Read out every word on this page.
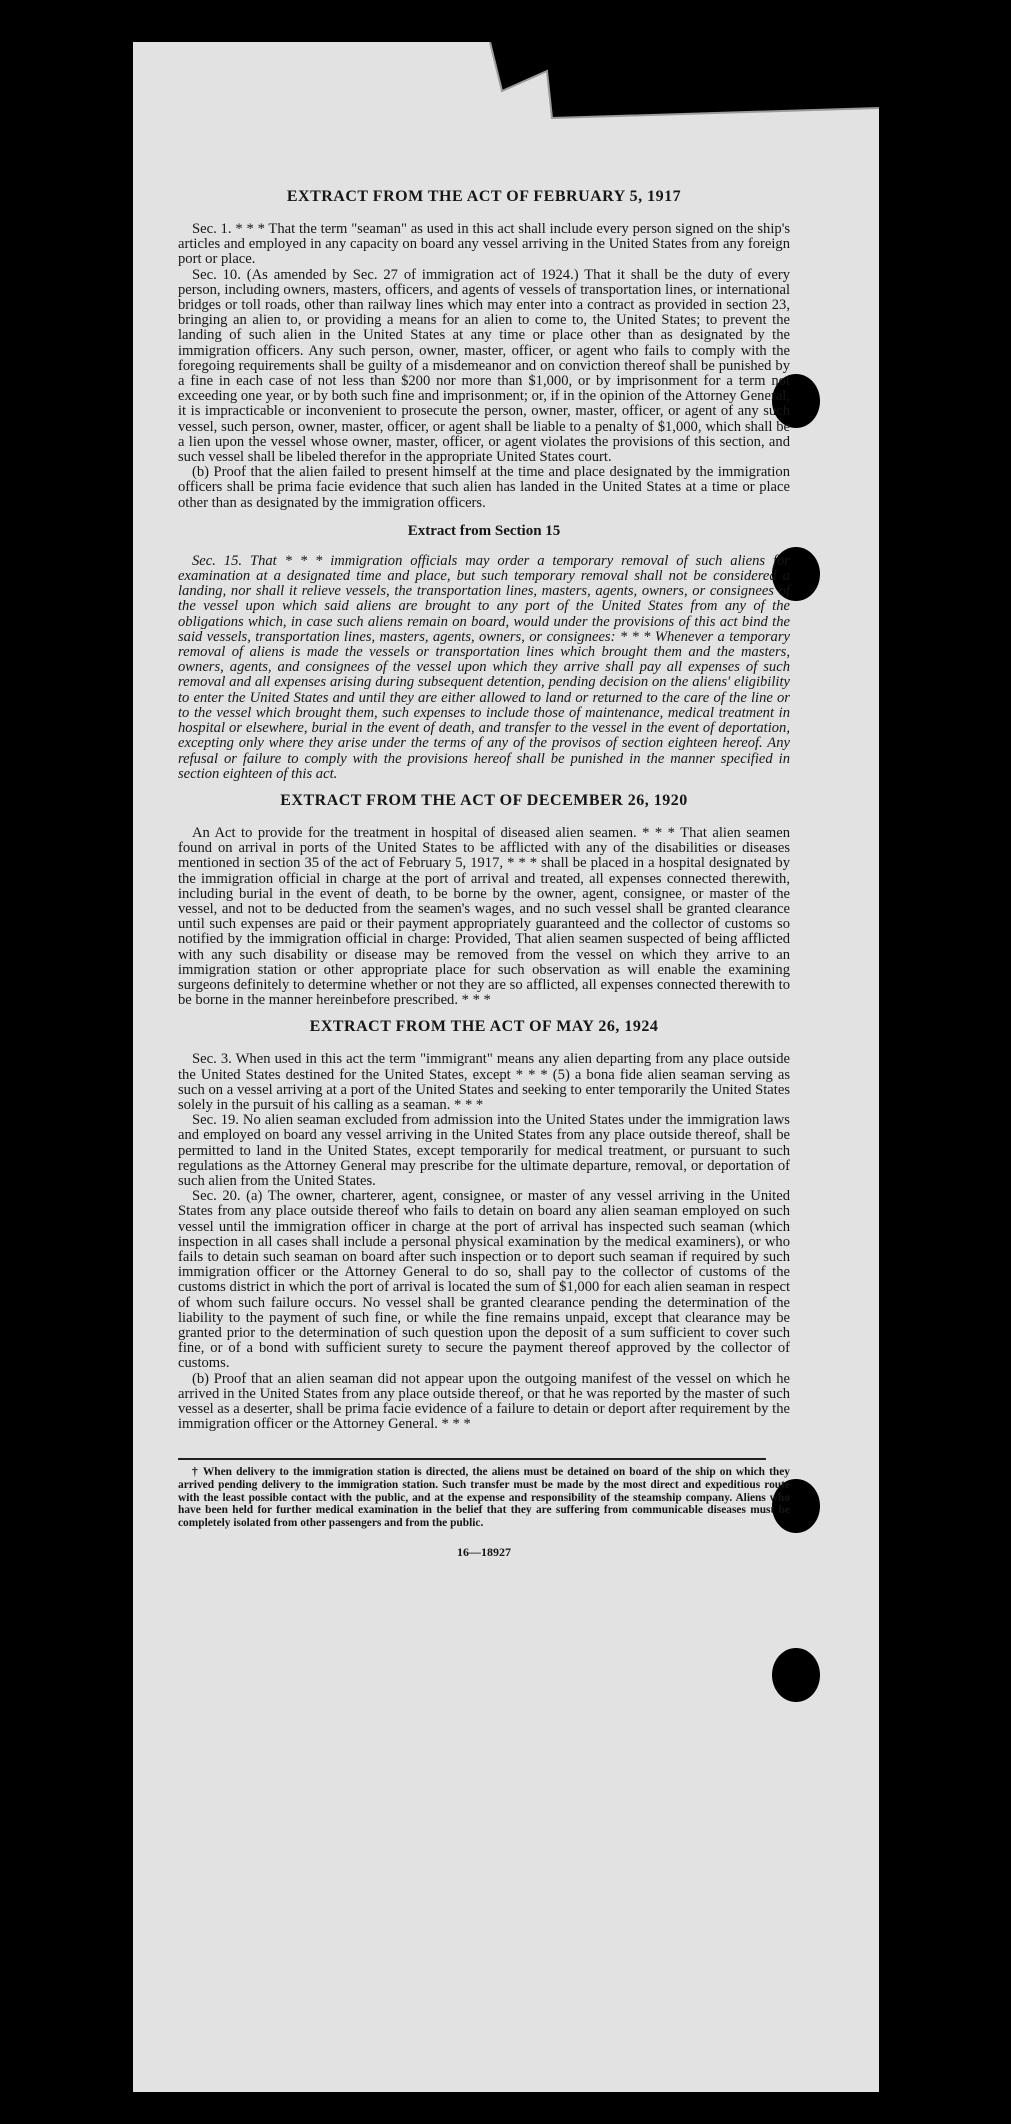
EXTRACT FROM THE ACT OF FEBRUARY 5, 1917

Sec. 1. * * * That the term "seaman" as used in this act shall include every person signed on the ship's articles and employed in any capacity on board any vessel arriving in the United States from any foreign port or place.

Sec. 10. (As amended by Sec. 27 of immigration act of 1924.) That it shall be the duty of every person, including owners, masters, officers, and agents of vessels of transportation lines, or international bridges or toll roads, other than railway lines which may enter into a contract as provided in section 23, bringing an alien to, or providing a means for an alien to come to, the United States; to prevent the landing of such alien in the United States at any time or place other than as designated by the immigration officers. Any such person, owner, master, officer, or agent who fails to comply with the foregoing requirements shall be guilty of a misdemeanor and on conviction thereof shall be punished by a fine in each case of not less than $200 nor more than $1,000, or by imprisonment for a term not exceeding one year, or by both such fine and imprisonment; or, if in the opinion of the Attorney General, it is impracticable or inconvenient to prosecute the person, owner, master, officer, or agent of any such vessel, such person, owner, master, officer, or agent shall be liable to a penalty of $1,000, which shall be a lien upon the vessel whose owner, master, officer, or agent violates the provisions of this section, and such vessel shall be libeled therefor in the appropriate United States court.

(b) Proof that the alien failed to present himself at the time and place designated by the immigration officers shall be prima facie evidence that such alien has landed in the United States at a time or place other than as designated by the immigration officers.

Extract from Section 15

Sec. 15. That * * * immigration officials may order a temporary removal of such aliens for examination at a designated time and place, but such temporary removal shall not be considered a landing, nor shall it relieve vessels, the transportation lines, masters, agents, owners, or consignees of the vessel upon which said aliens are brought to any port of the United States from any of the obligations which, in case such aliens remain on board, would under the provisions of this act bind the said vessels, transportation lines, masters, agents, owners, or consignees: * * * Whenever a temporary removal of aliens is made the vessels or transportation lines which brought them and the masters, owners, agents, and consignees of the vessel upon which they arrive shall pay all expenses of such removal and all expenses arising during subsequent detention, pending decision on the aliens' eligibility to enter the United States and until they are either allowed to land or returned to the care of the line or to the vessel which brought them, such expenses to include those of maintenance, medical treatment in hospital or elsewhere, burial in the event of death, and transfer to the vessel in the event of deportation, excepting only where they arise under the terms of any of the provisos of section eighteen hereof. Any refusal or failure to comply with the provisions hereof shall be punished in the manner specified in section eighteen of this act.

EXTRACT FROM THE ACT OF DECEMBER 26, 1920

An Act to provide for the treatment in hospital of diseased alien seamen. * * * That alien seamen found on arrival in ports of the United States to be afflicted with any of the disabilities or diseases mentioned in section 35 of the act of February 5, 1917, * * * shall be placed in a hospital designated by the immigration official in charge at the port of arrival and treated, all expenses connected therewith, including burial in the event of death, to be borne by the owner, agent, consignee, or master of the vessel, and not to be deducted from the seamen's wages, and no such vessel shall be granted clearance until such expenses are paid or their payment appropriately guaranteed and the collector of customs so notified by the immigration official in charge: Provided, That alien seamen suspected of being afflicted with any such disability or disease may be removed from the vessel on which they arrive to an immigration station or other appropriate place for such observation as will enable the examining surgeons definitely to determine whether or not they are so afflicted, all expenses connected therewith to be borne in the manner hereinbefore prescribed. * * *

EXTRACT FROM THE ACT OF MAY 26, 1924

Sec. 3. When used in this act the term "immigrant" means any alien departing from any place outside the United States destined for the United States, except * * * (5) a bona fide alien seaman serving as such on a vessel arriving at a port of the United States and seeking to enter temporarily the United States solely in the pursuit of his calling as a seaman. * * *

Sec. 19. No alien seaman excluded from admission into the United States under the immigration laws and employed on board any vessel arriving in the United States from any place outside thereof, shall be permitted to land in the United States, except temporarily for medical treatment, or pursuant to such regulations as the Attorney General may prescribe for the ultimate departure, removal, or deportation of such alien from the United States.

Sec. 20. (a) The owner, charterer, agent, consignee, or master of any vessel arriving in the United States from any place outside thereof who fails to detain on board any alien seaman employed on such vessel until the immigration officer in charge at the port of arrival has inspected such seaman (which inspection in all cases shall include a personal physical examination by the medical examiners), or who fails to detain such seaman on board after such inspection or to deport such seaman if required by such immigration officer or the Attorney General to do so, shall pay to the collector of customs of the customs district in which the port of arrival is located the sum of $1,000 for each alien seaman in respect of whom such failure occurs. No vessel shall be granted clearance pending the determination of the liability to the payment of such fine, or while the fine remains unpaid, except that clearance may be granted prior to the determination of such question upon the deposit of a sum sufficient to cover such fine, or of a bond with sufficient surety to secure the payment thereof approved by the collector of customs.

(b) Proof that an alien seaman did not appear upon the outgoing manifest of the vessel on which he arrived in the United States from any place outside thereof, or that he was reported by the master of such vessel as a deserter, shall be prima facie evidence of a failure to detain or deport after requirement by the immigration officer or the Attorney General. * * *

† When delivery to the immigration station is directed, the aliens must be detained on board of the ship on which they arrived pending delivery to the immigration station. Such transfer must be made by the most direct and expeditious route with the least possible contact with the public, and at the expense and responsibility of the steamship company. Aliens who have been held for further medical examination in the belief that they are suffering from communicable diseases must be completely isolated from other passengers and from the public.

16—18927
